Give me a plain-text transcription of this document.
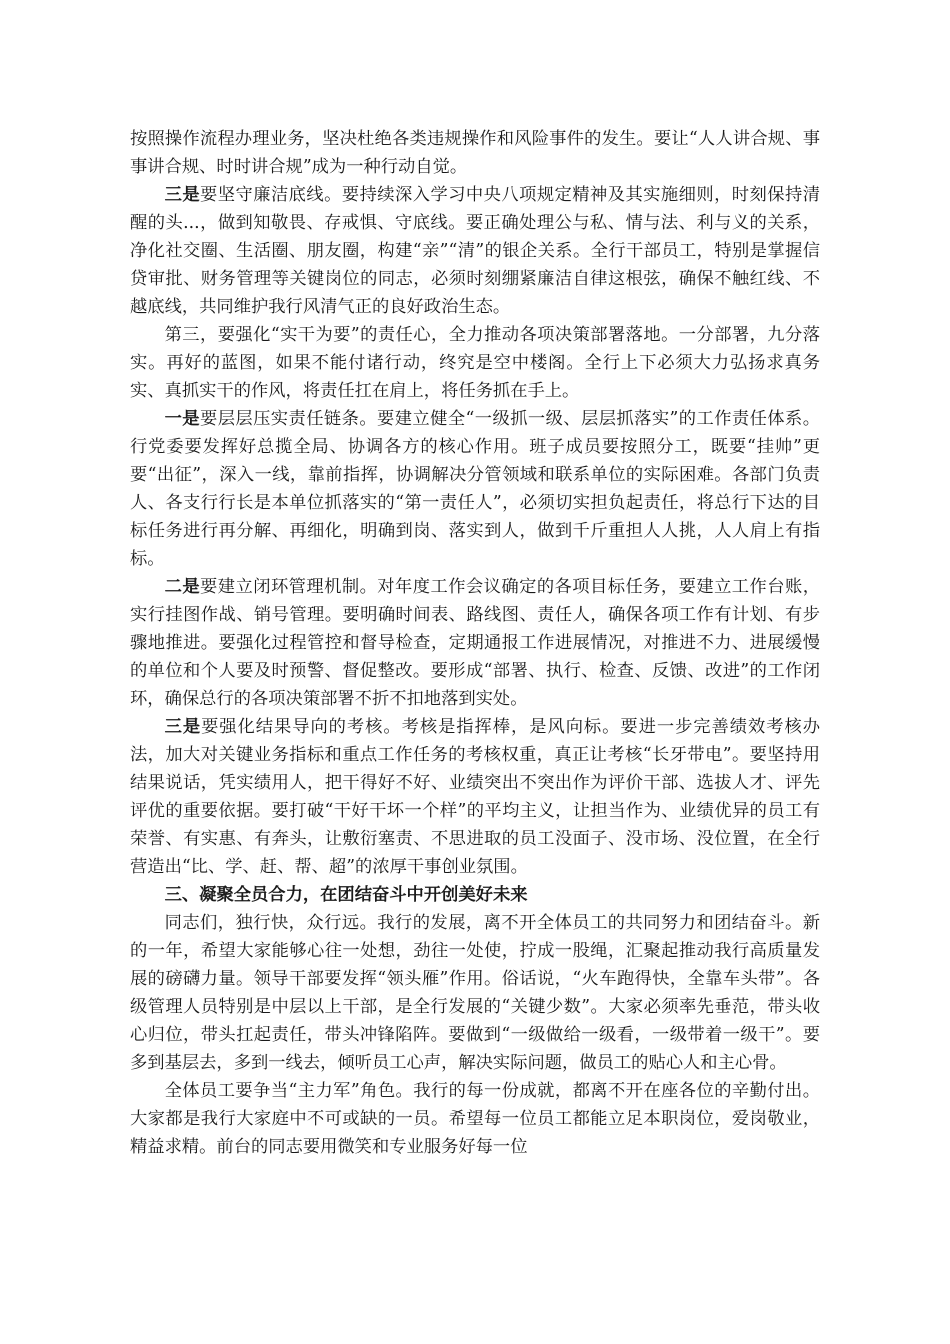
按照操作流程办理业务，坚决杜绝各类违规操作和风险事件的发生。要让“人人讲合规、事事讲合规、时时讲合规”成为一种行动自觉。

三是要坚守廉洁底线。要持续深入学习中央八项规定精神及其实施细则，时刻保持清醒的头...，做到知敬畏、存戒惧、守底线。要正确处理公与私、情与法、利与义的关系，净化社交圈、生活圈、朋友圈，构建“亲”“清”的银企关系。全行干部员工，特别是掌握信贷审批、财务管理等关键岗位的同志，必须时刻绷紧廉洁自律这根弦，确保不触红线、不越底线，共同维护我行风清气正的良好政治生态。

第三，要强化“实干为要”的责任心，全力推动各项决策部署落地。一分部署，九分落实。再好的蓝图，如果不能付诸行动，终究是空中楼阁。全行上下必须大力弘扬求真务实、真抓实干的作风，将责任扛在肩上，将任务抓在手上。

一是要层层压实责任链条。要建立健全“一级抓一级、层层抓落实”的工作责任体系。行党委要发挥好总揽全局、协调各方的核心作用。班子成员要按照分工，既要“挂帅”更要“出征”，深入一线，靠前指挥，协调解决分管领域和联系单位的实际困难。各部门负责人、各支行行长是本单位抓落实的“第一责任人”，必须切实担负起责任，将总行下达的目标任务进行再分解、再细化，明确到岗、落实到人，做到千斤重担人人挑，人人肩上有指标。

二是要建立闭环管理机制。对年度工作会议确定的各项目标任务，要建立工作台账，实行挂图作战、销号管理。要明确时间表、路线图、责任人，确保各项工作有计划、有步骤地推进。要强化过程管控和督导检查，定期通报工作进展情况，对推进不力、进展缓慢的单位和个人要及时预警、督促整改。要形成“部署、执行、检查、反馈、改进”的工作闭环，确保总行的各项决策部署不折不扣地落到实处。

三是要强化结果导向的考核。考核是指挥棒，是风向标。要进一步完善绩效考核办法，加大对关键业务指标和重点工作任务的考核权重，真正让考核“长牙带电”。要坚持用结果说话，凭实绩用人，把干得好不好、业绩突出不突出作为评价干部、选拔人才、评先评优的重要依据。要打破“干好干坏一个样”的平均主义，让担当作为、业绩优异的员工有荣誉、有实惠、有奔头，让敷衍塞责、不思进取的员工没面子、没市场、没位置，在全行营造出“比、学、赶、帮、超”的浓厚干事创业氛围。

三、凝聚全员合力，在团结奋斗中开创美好未来

同志们，独行快，众行远。我行的发展，离不开全体员工的共同努力和团结奋斗。新的一年，希望大家能够心往一处想，劲往一处使，拧成一股绳，汇聚起推动我行高质量发展的磅礴力量。领导干部要发挥“领头雁”作用。俗话说，“火车跑得快，全靠车头带”。各级管理人员特别是中层以上干部，是全行发展的“关键少数”。大家必须率先垂范，带头收心归位，带头扛起责任，带头冲锋陷阵。要做到“一级做给一级看，一级带着一级干”。要多到基层去，多到一线去，倾听员工心声，解决实际问题，做员工的贴心人和主心骨。

全体员工要争当“主力军”角色。我行的每一份成就，都离不开在座各位的辛勤付出。大家都是我行大家庭中不可或缺的一员。希望每一位员工都能立足本职岗位，爱岗敬业，精益求精。前台的同志要用微笑和专业服务好每一位
